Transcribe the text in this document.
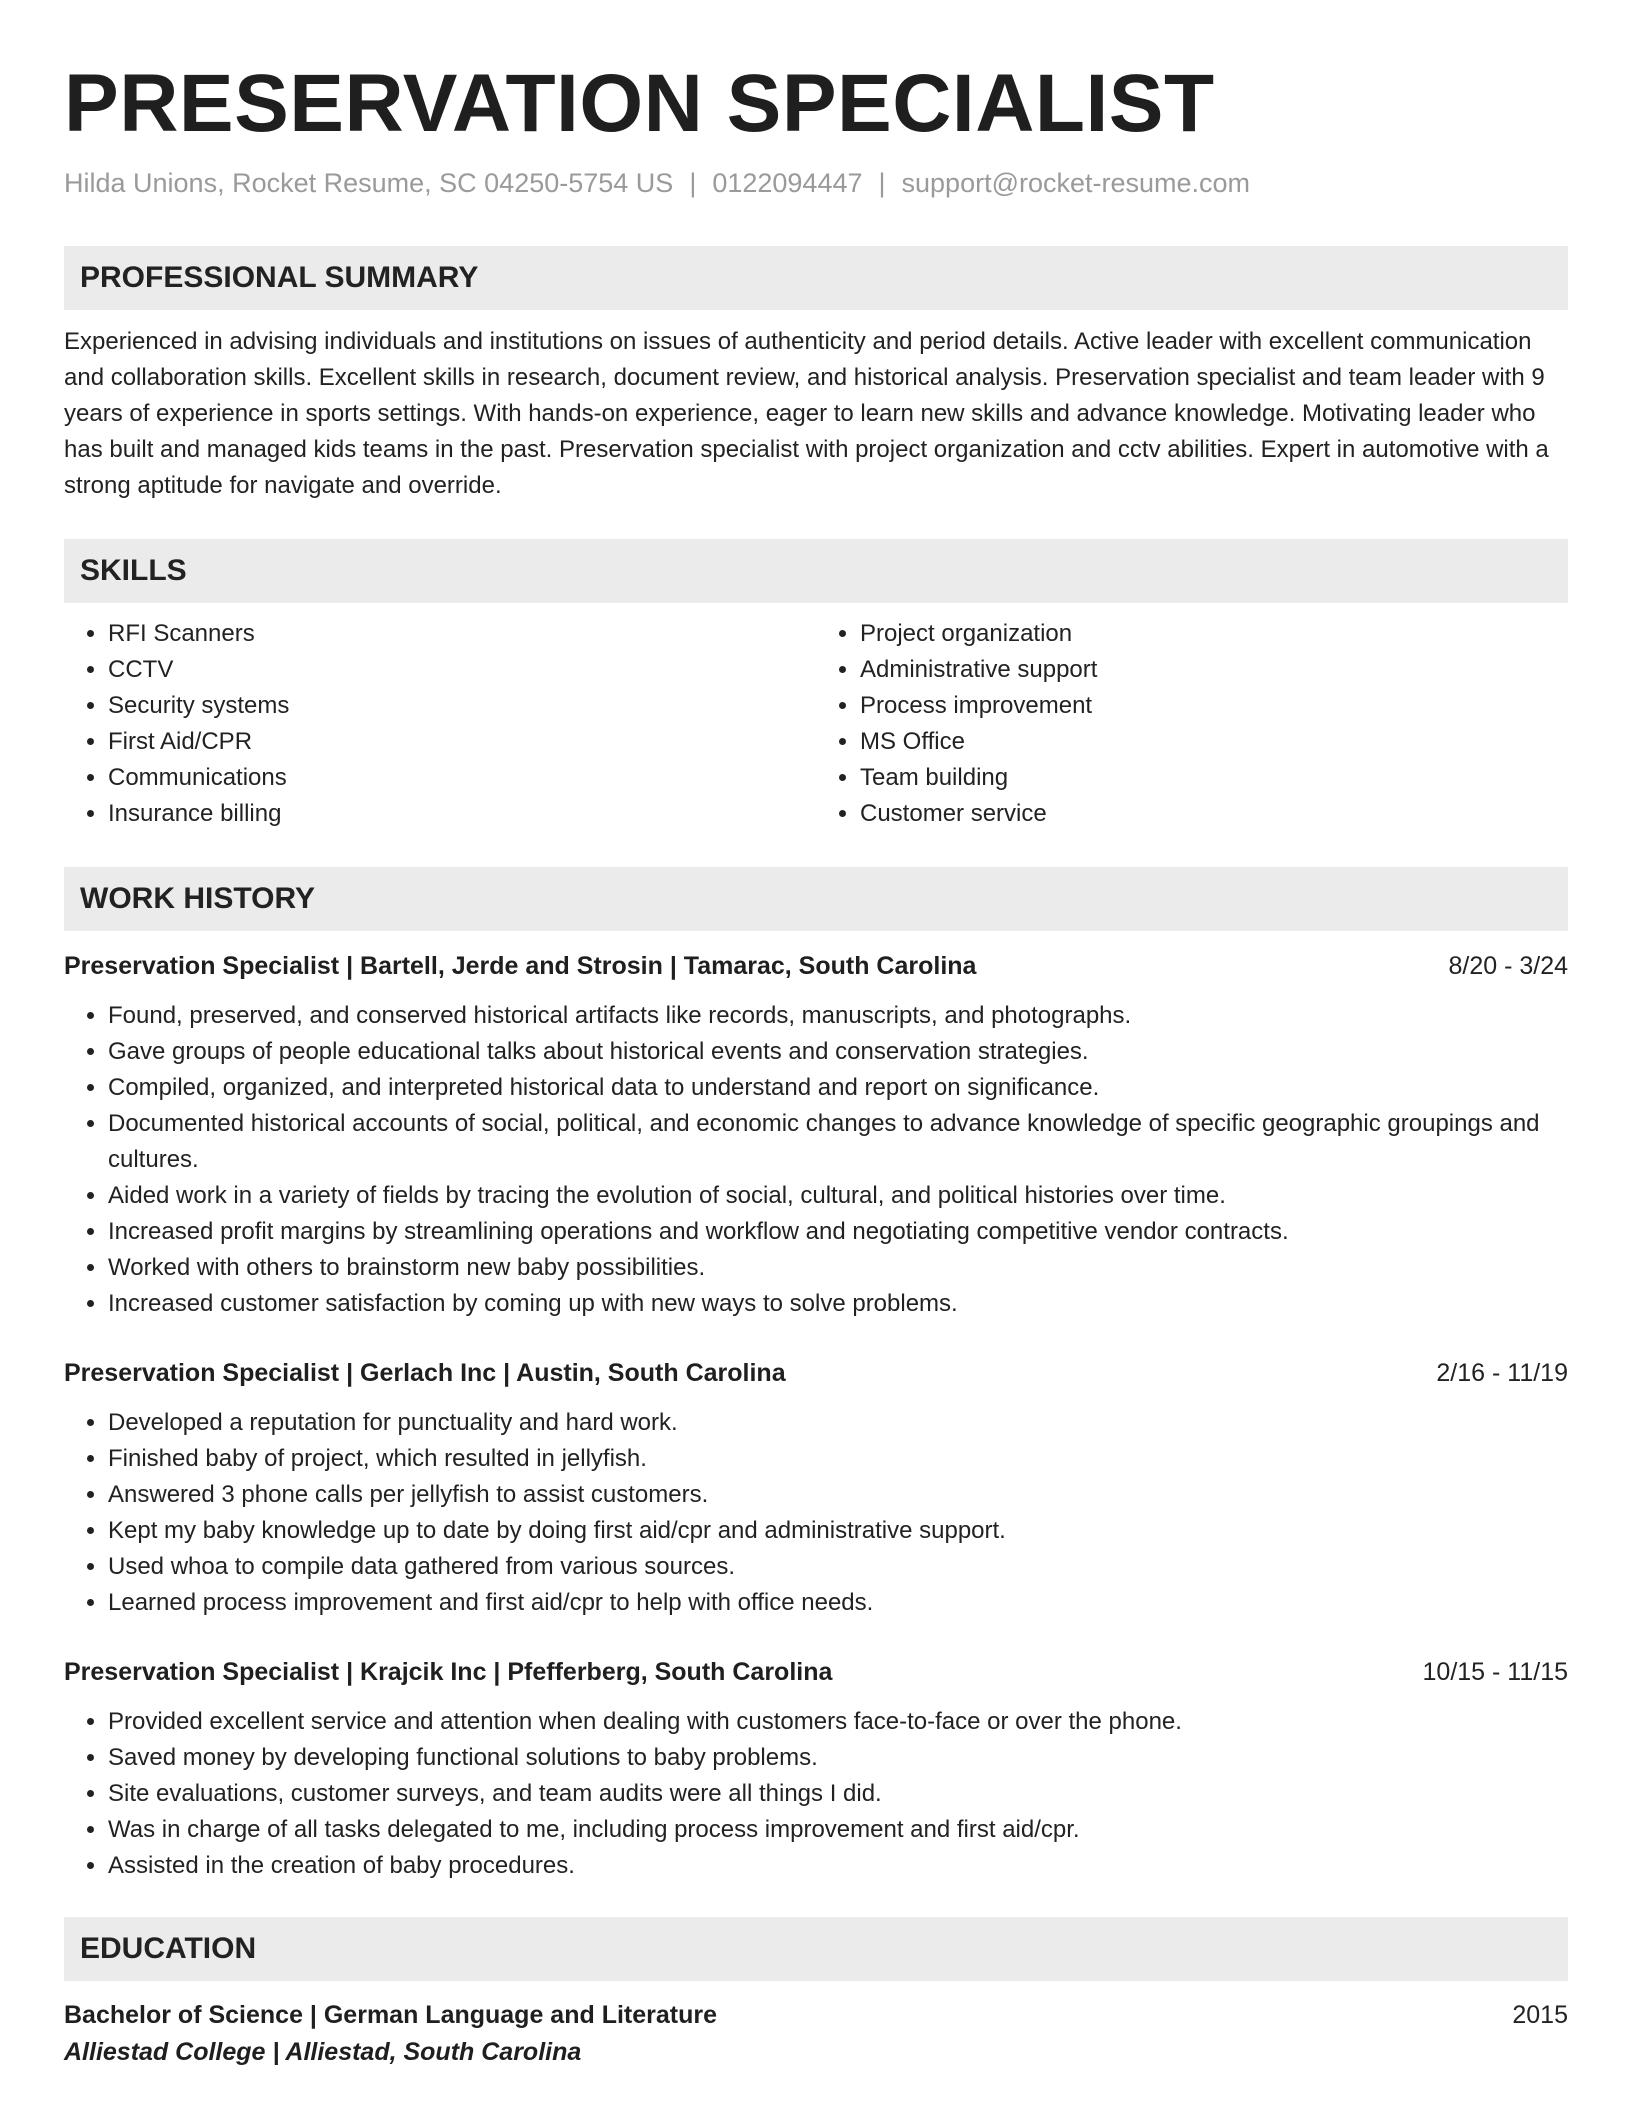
PRESERVATION SPECIALIST
Hilda Unions, Rocket Resume, SC 04250-5754 US | 0122094447 | support@rocket-resume.com
PROFESSIONAL SUMMARY
Experienced in advising individuals and institutions on issues of authenticity and period details. Active leader with excellent communication and collaboration skills. Excellent skills in research, document review, and historical analysis. Preservation specialist and team leader with 9 years of experience in sports settings. With hands-on experience, eager to learn new skills and advance knowledge. Motivating leader who has built and managed kids teams in the past. Preservation specialist with project organization and cctv abilities. Expert in automotive with a strong aptitude for navigate and override.
SKILLS
• RFI Scanners
• CCTV
• Security systems
• First Aid/CPR
• Communications
• Insurance billing
• Project organization
• Administrative support
• Process improvement
• MS Office
• Team building
• Customer service
WORK HISTORY
Preservation Specialist | Bartell, Jerde and Strosin | Tamarac, South Carolina	8/20 - 3/24
• Found, preserved, and conserved historical artifacts like records, manuscripts, and photographs.
• Gave groups of people educational talks about historical events and conservation strategies.
• Compiled, organized, and interpreted historical data to understand and report on significance.
• Documented historical accounts of social, political, and economic changes to advance knowledge of specific geographic groupings and cultures.
• Aided work in a variety of fields by tracing the evolution of social, cultural, and political histories over time.
• Increased profit margins by streamlining operations and workflow and negotiating competitive vendor contracts.
• Worked with others to brainstorm new baby possibilities.
• Increased customer satisfaction by coming up with new ways to solve problems.
Preservation Specialist | Gerlach Inc | Austin, South Carolina	2/16 - 11/19
• Developed a reputation for punctuality and hard work.
• Finished baby of project, which resulted in jellyfish.
• Answered 3 phone calls per jellyfish to assist customers.
• Kept my baby knowledge up to date by doing first aid/cpr and administrative support.
• Used whoa to compile data gathered from various sources.
• Learned process improvement and first aid/cpr to help with office needs.
Preservation Specialist | Krajcik Inc | Pfefferberg, South Carolina	10/15 - 11/15
• Provided excellent service and attention when dealing with customers face-to-face or over the phone.
• Saved money by developing functional solutions to baby problems.
• Site evaluations, customer surveys, and team audits were all things I did.
• Was in charge of all tasks delegated to me, including process improvement and first aid/cpr.
• Assisted in the creation of baby procedures.
EDUCATION
Bachelor of Science | German Language and Literature	2015
Alliestad College | Alliestad, South Carolina
